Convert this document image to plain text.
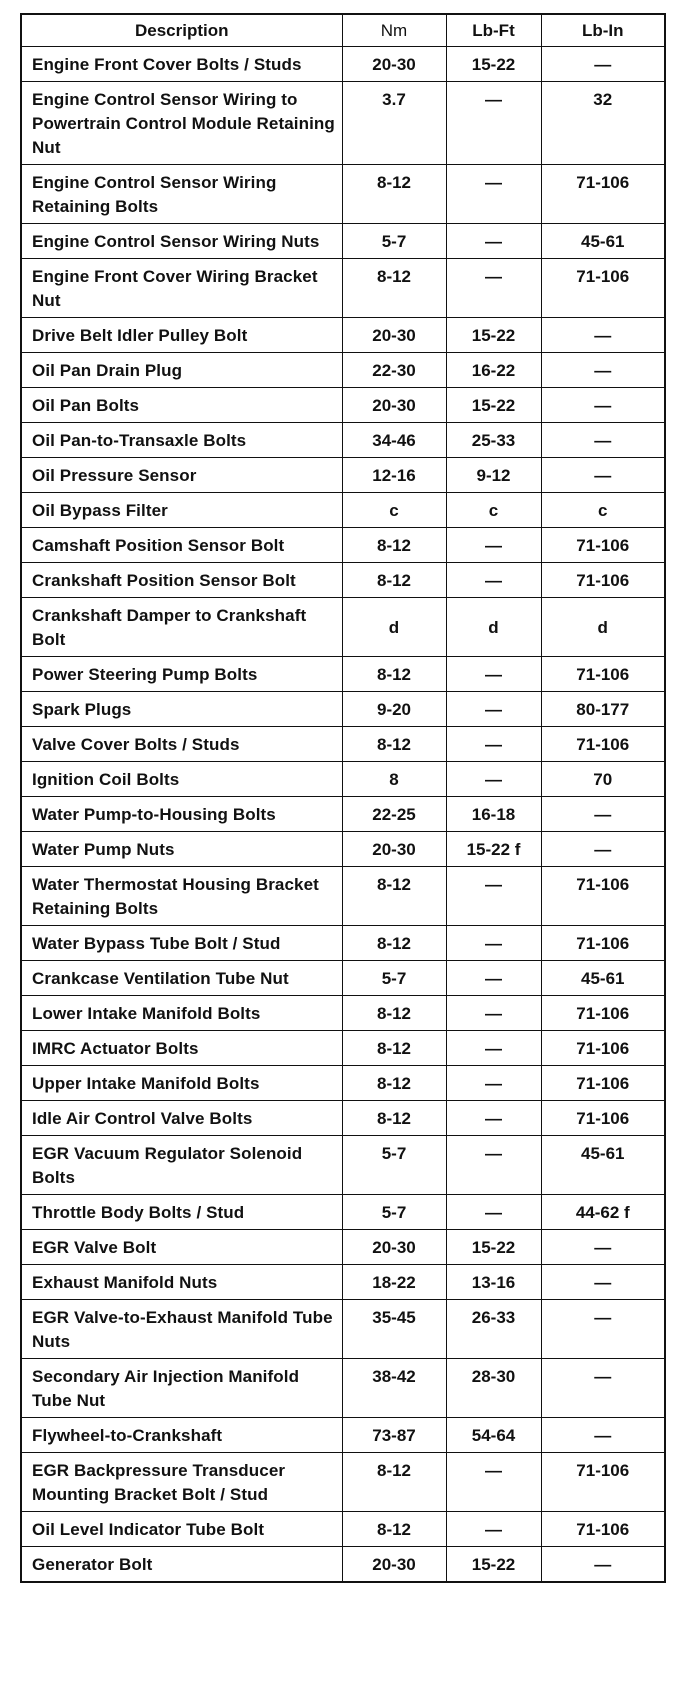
Description	Nm	Lb-Ft	Lb-In
Engine Front Cover Bolts / Studs	20-30	15-22	—
Engine Control Sensor Wiring to Powertrain Control Module Retaining Nut	3.7	—	32
Engine Control Sensor Wiring Retaining Bolts	8-12	—	71-106
Engine Control Sensor Wiring Nuts	5-7	—	45-61
Engine Front Cover Wiring Bracket Nut	8-12	—	71-106
Drive Belt Idler Pulley Bolt	20-30	15-22	—
Oil Pan Drain Plug	22-30	16-22	—
Oil Pan Bolts	20-30	15-22	—
Oil Pan-to-Transaxle Bolts	34-46	25-33	—
Oil Pressure Sensor	12-16	9-12	—
Oil Bypass Filter	c	c	c
Camshaft Position Sensor Bolt	8-12	—	71-106
Crankshaft Position Sensor Bolt	8-12	—	71-106
Crankshaft Damper to Crankshaft Bolt	d	d	d
Power Steering Pump Bolts	8-12	—	71-106
Spark Plugs	9-20	—	80-177
Valve Cover Bolts / Studs	8-12	—	71-106
Ignition Coil Bolts	8	—	70
Water Pump-to-Housing Bolts	22-25	16-18	—
Water Pump Nuts	20-30	15-22 f	—
Water Thermostat Housing Bracket Retaining Bolts	8-12	—	71-106
Water Bypass Tube Bolt / Stud	8-12	—	71-106
Crankcase Ventilation Tube Nut	5-7	—	45-61
Lower Intake Manifold Bolts	8-12	—	71-106
IMRC Actuator Bolts	8-12	—	71-106
Upper Intake Manifold Bolts	8-12	—	71-106
Idle Air Control Valve Bolts	8-12	—	71-106
EGR Vacuum Regulator Solenoid Bolts	5-7	—	45-61
Throttle Body Bolts / Stud	5-7	—	44-62 f
EGR Valve Bolt	20-30	15-22	—
Exhaust Manifold Nuts	18-22	13-16	—
EGR Valve-to-Exhaust Manifold Tube Nuts	35-45	26-33	—
Secondary Air Injection Manifold Tube Nut	38-42	28-30	—
Flywheel-to-Crankshaft	73-87	54-64	—
EGR Backpressure Transducer Mounting Bracket Bolt / Stud	8-12	—	71-106
Oil Level Indicator Tube Bolt	8-12	—	71-106
Generator Bolt	20-30	15-22	—
